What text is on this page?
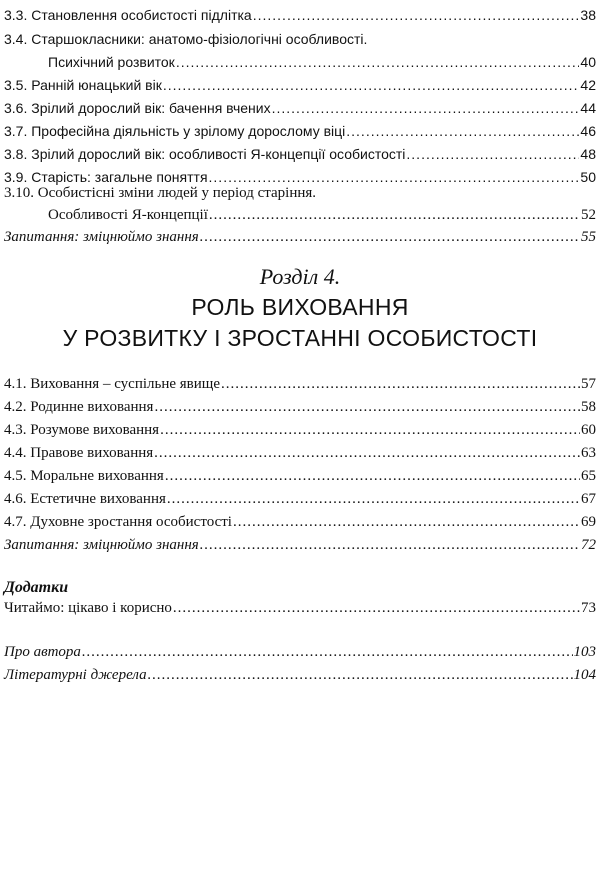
3.3. Становлення особистості підлітка .....	38
3.4. Старшокласники: анатомо-фізіологічні особливості.
Психічний розвиток .....	40
3.5. Ранній юнацький вік .....	42
3.6. Зрілий дорослий вік: бачення вчених .....	44
3.7. Професійна діяльність у зрілому дорослому віці .....	46
3.8. Зрілий дорослий вік: особливості Я-концепції особистості .....	48
3.9. Старість: загальне поняття .....	50
3.10. Особистісні зміни людей у період старіння.
Особливості Я-концепції .....	52
Запитання: зміцнюймо знання .....	55
Розділ 4.
РОЛЬ ВИХОВАННЯ
У РОЗВИТКУ І ЗРОСТАННІ ОСОБИСТОСТІ
4.1. Виховання – суспільне явище .....	57
4.2. Родинне виховання .....	58
4.3. Розумове виховання .....	60
4.4. Правове виховання .....	63
4.5. Моральне виховання .....	65
4.6. Естетичне виховання .....	67
4.7. Духовне зростання особистості .....	69
Запитання: зміцнюймо знання .....	72
Додатки
Читаймо: цікаво і корисно .....	73
Про автора .....	103
Літературні джерела .....	104
